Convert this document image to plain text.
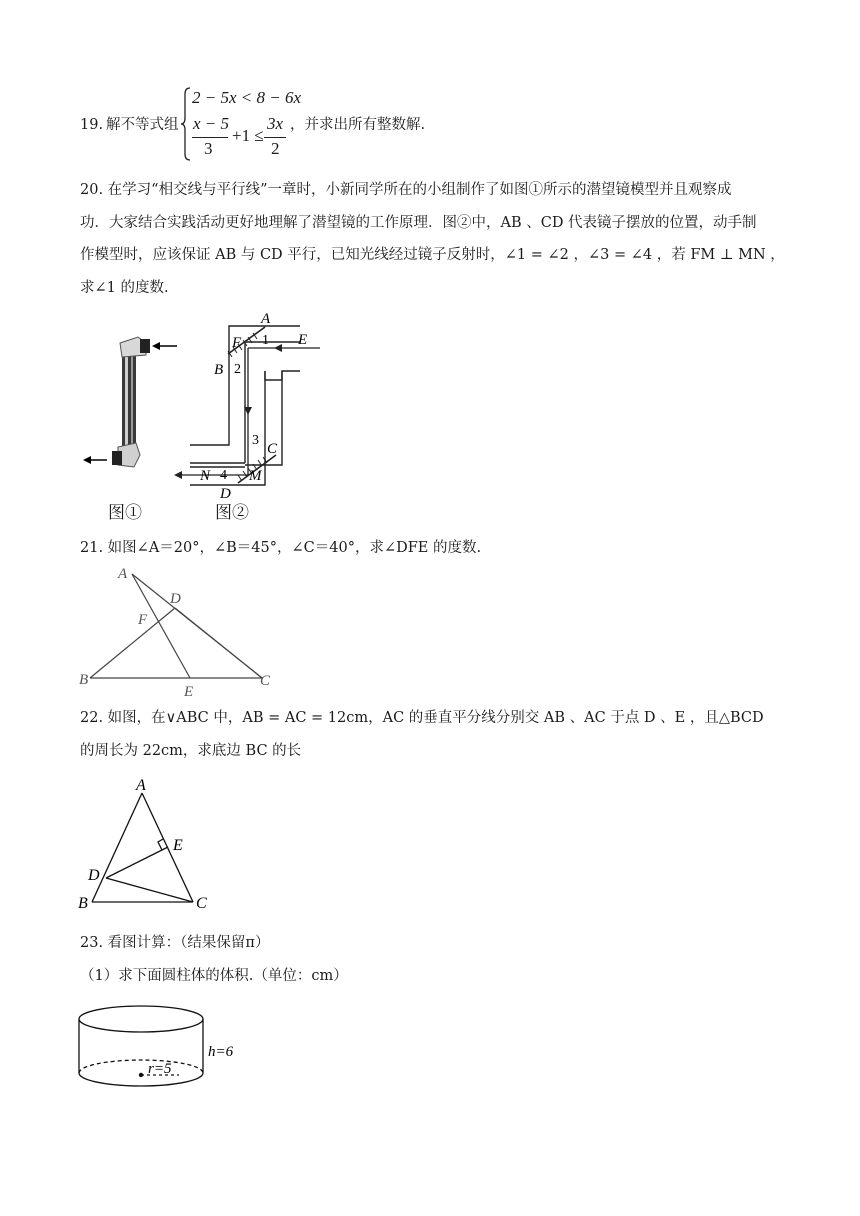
19. 解不等式组
2 − 5x < 8 − 6x
x − 5
3
+1 ≤
3x
2
，并求出所有整数解.
20. 在学习“相交线与平行线”一章时，小新同学所在的小组制作了如图①所示的潜望镜模型并且观察成
功．大家结合实践活动更好地理解了潜望镜的工作原理．图②中，AB 、CD 代表镜子摆放的位置，动手制
作模型时，应该保证 AB 与 CD 平行，已知光线经过镜子反射时，∠1 = ∠2 ，∠3 = ∠4 ，若 FM ⊥ MN ，
求∠1 的度数.
图①
A
E
F 1
B 2
3
C
N 4 M
D
图②
21. 如图∠A＝20°，∠B＝45°，∠C＝40°，求∠DFE 的度数.
A
D
F
B
E
C
22. 如图，在∨ABC 中，AB = AC = 12cm，AC 的垂直平分线分别交 AB 、AC 于点 D 、E ，且△BCD
的周长为 22cm，求底边 BC 的长
A
E
D
B	C
23. 看图计算：（结果保留π）
（1）求下面圆柱体的体积.（单位：cm）
h=6
r=5
